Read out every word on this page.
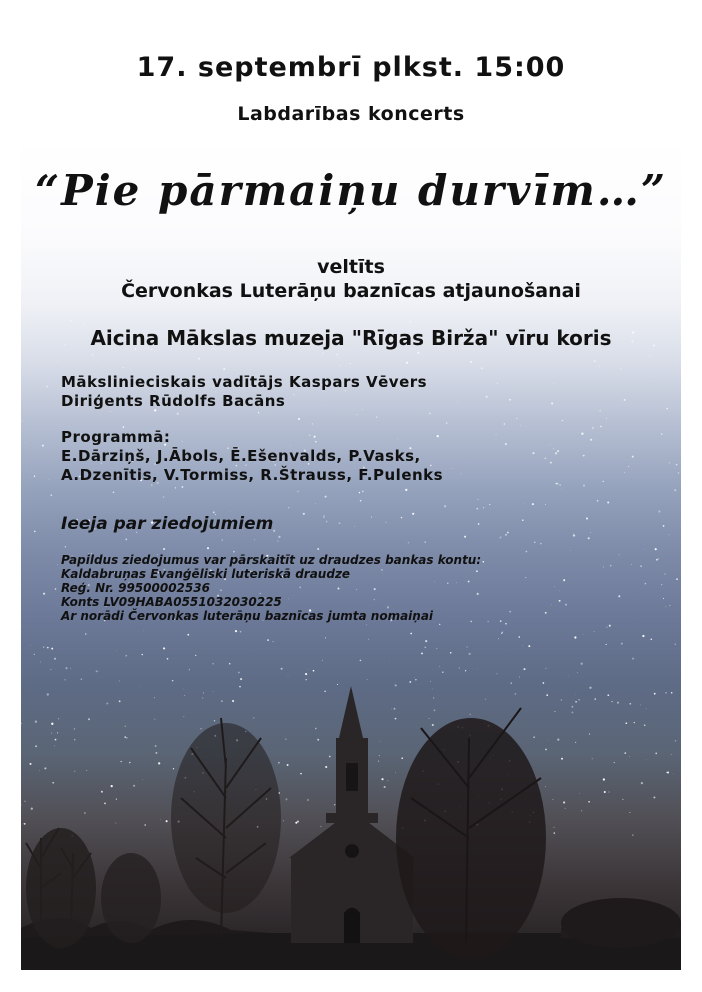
17. septembrī plkst. 15:00
Labdarības koncerts
“Pie pārmaiņu durvīm…”
veltīts
Červonkas Luterāņu baznīcas atjaunošanai
Aicina Mākslas muzeja "Rīgas Birža" vīru koris
Mākslinieciskais vadītājs Kaspars Vēvers
Diriģents Rūdolfs Bacāns
Programmā:
E.Dārziņš, J.Ābols, Ē.Ešenvalds, P.Vasks,
A.Dzenītis, V.Tormiss, R.Štrauss, F.Pulenks
Ieeja par ziedojumiem
Papildus ziedojumus var pārskaitīt uz draudzes bankas kontu:
Kaldabruņas Evanģēliski luteriskā draudze
Reģ. Nr. 99500002536
Konts LV09HABA0551032030225
Ar norādi Červonkas luterāņu baznīcas jumta nomaiņai
